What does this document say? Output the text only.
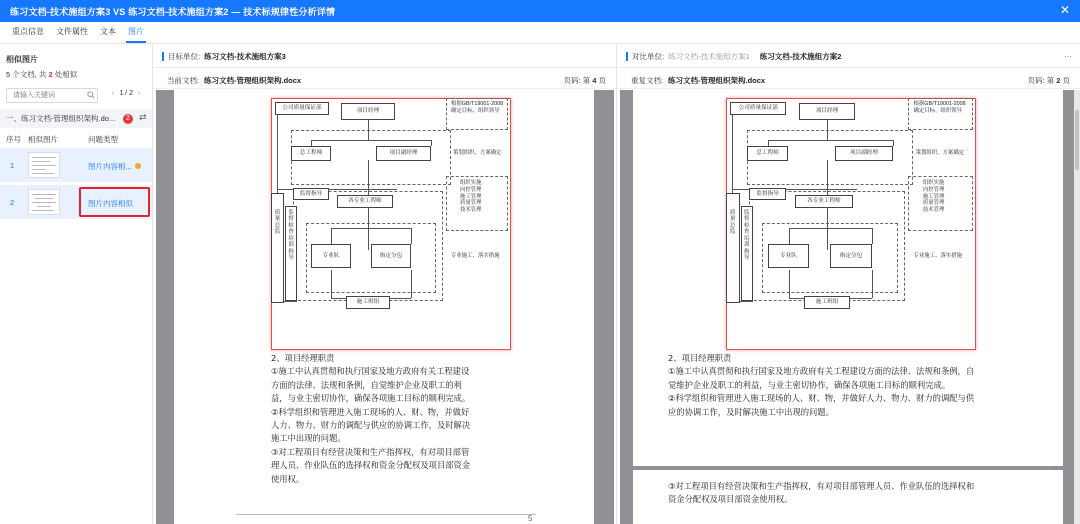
练习文档-技术施组方案3 VS 练习文档-技术施组方案2 — 技术标规律性分析详情	✕
重点信息	文件属性	文本	图片
相似图片
5 个文档, 共 2 处相似
请输入关键词
‹ 1 / 2 ›
一、练习文档-管理组织架构.do...	2	⇄
序号 相似图片	问题类型
1	图片内容相...
2	图片内容相似
目标单位: 练习文档-技术施组方案3
当前文档: 练习文档-管理组织架构.docx	页码: 第 4 页
公司质量保证部	项目经理
根据GB/T19001-2008
确定目标，组织领导
总工程师	项目副经理	策划组织、方案确定
监督指导
各专业工程师
组织实施
向控管理
施工管理
质量管理
技术管理
质量总监
监督检查培训指导	专业队	指定分包	专业施工、落实措施
施工班组

2、项目经理职责

①施工中认真贯彻和执行国家及地方政府有关工程建设

方面的法律、法规和条例，自觉维护企业及职工的利

益，与业主密切协作，确保各项施工目标的顺利完成。

②科学组织和管理进入施工现场的人、财、物，并做好

人力、物力、财力的调配与供应的协调工作，及时解决

施工中出现的问题。

③对工程项目有经营决策和生产指挥权，有对项目部管

理人员、作业队伍的选择权和资金分配权及项目部资金

使用权。

5
对比单位: 练习文档-技术施组方案1 练习文档-技术施组方案2	···
重复文档: 练习文档-管理组织架构.docx	页码: 第 2 页
公司质量保证部	项目经理
根据GB/T19001-2008
确定目标，组织领导
总工程师	项目副经理	策划组织、方案确定
监督指导
各专业工程师
组织实施
向控管理
施工管理
质量管理
技术管理
质量总监
监督检查培训指导	专业队	指定分包	专业施工、落实措施
施工班组

2、项目经理职责

①施工中认真贯彻和执行国家及地方政府有关工程建设方面的法律、法规和条例，自

觉维护企业及职工的利益，与业主密切协作，确保各项施工目标的顺利完成。

②科学组织和管理进入施工现场的人、财、物，并做好人力、物力、财力的调配与供

应的协调工作，及时解决施工中出现的问题。

③对工程项目有经营决策和生产指挥权，有对项目部管理人员、作业队伍的选择权和

资金分配权及项目部资金使用权。

◎ 大数跨境
